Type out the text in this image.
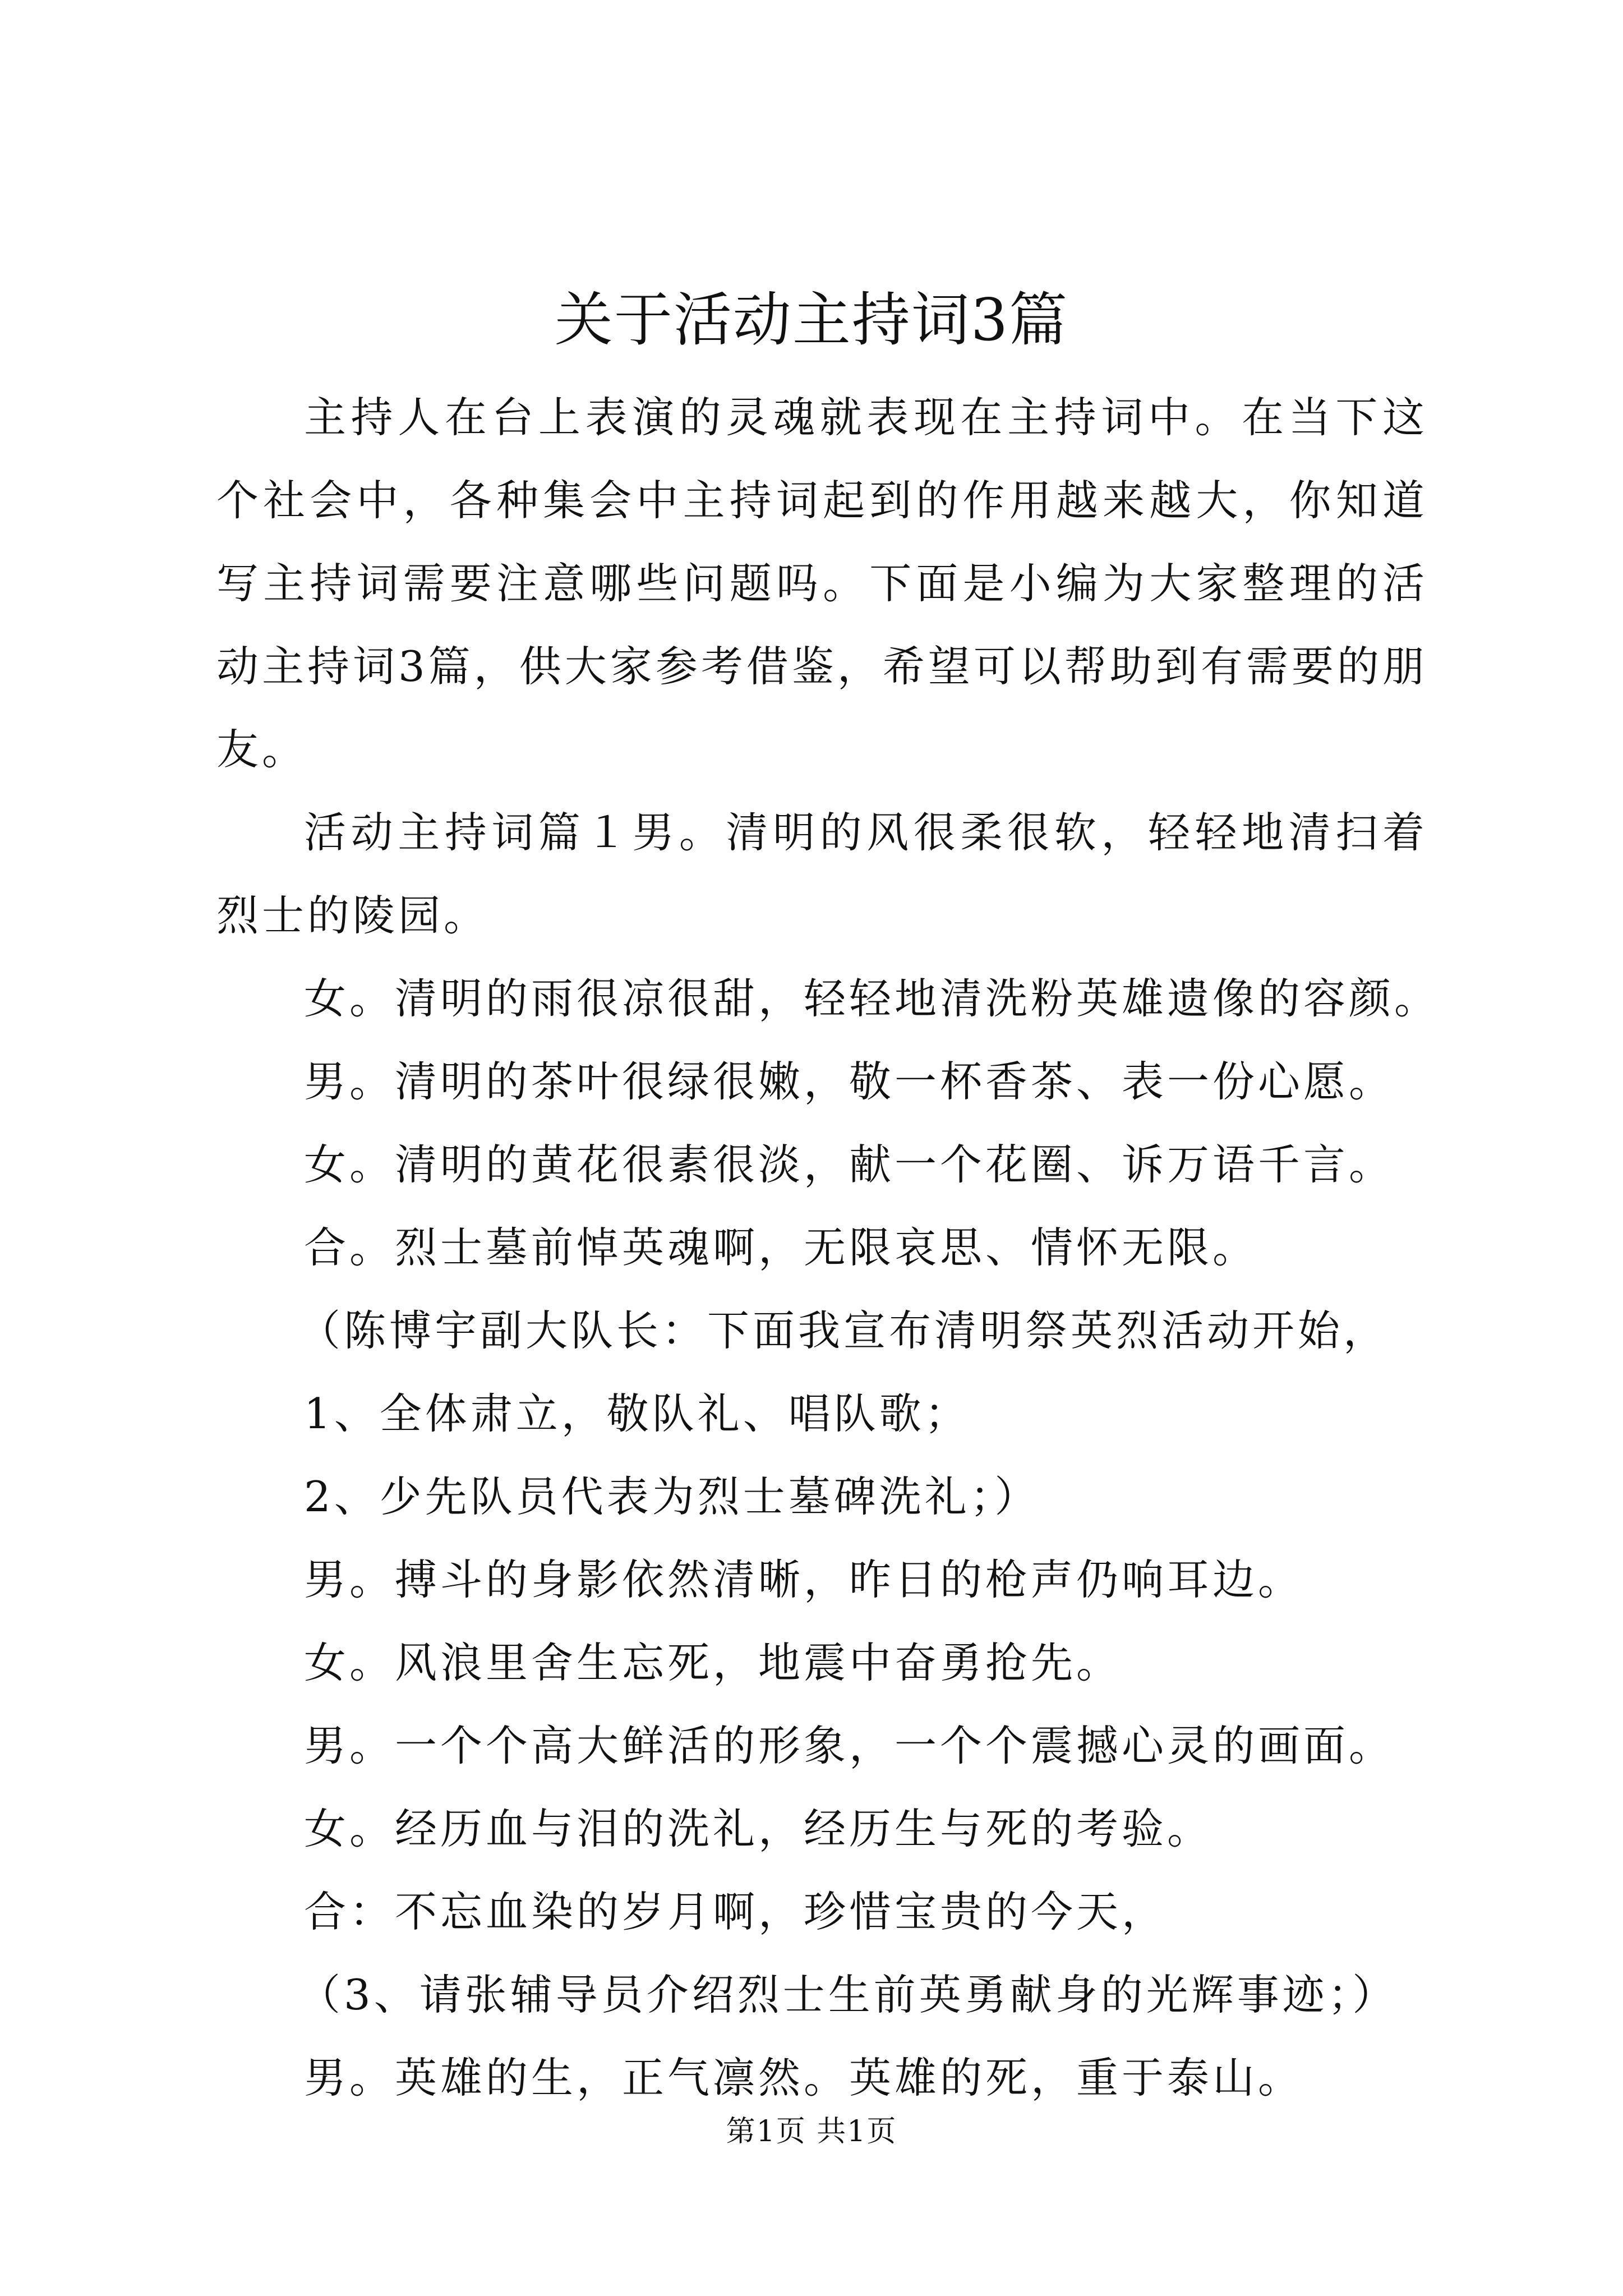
关于活动主持词3篇

主持人在台上表演的灵魂就表现在主持词中。在当下这个社会中，各种集会中主持词起到的作用越来越大，你知道写主持词需要注意哪些问题吗。下面是小编为大家整理的活动主持词3篇，供大家参考借鉴，希望可以帮助到有需要的朋友。

活动主持词篇１男。清明的风很柔很软，轻轻地清扫着烈士的陵园。

女。清明的雨很凉很甜，轻轻地清洗粉英雄遗像的容颜。

男。清明的茶叶很绿很嫩，敬一杯香茶、表一份心愿。

女。清明的黄花很素很淡，献一个花圈、诉万语千言。

合。烈士墓前悼英魂啊，无限哀思、情怀无限。

（陈博宇副大队长：下面我宣布清明祭英烈活动开始，

1、全体肃立，敬队礼、唱队歌；

2、少先队员代表为烈士墓碑洗礼；）

男。搏斗的身影依然清晰，昨日的枪声仍响耳边。

女。风浪里舍生忘死，地震中奋勇抢先。

男。一个个高大鲜活的形象，一个个震撼心灵的画面。

女。经历血与泪的洗礼，经历生与死的考验。

合：不忘血染的岁月啊，珍惜宝贵的今天，

（3、请张辅导员介绍烈士生前英勇献身的光辉事迹；）

男。英雄的生，正气凛然。英雄的死，重于泰山。

第1页 共1页
